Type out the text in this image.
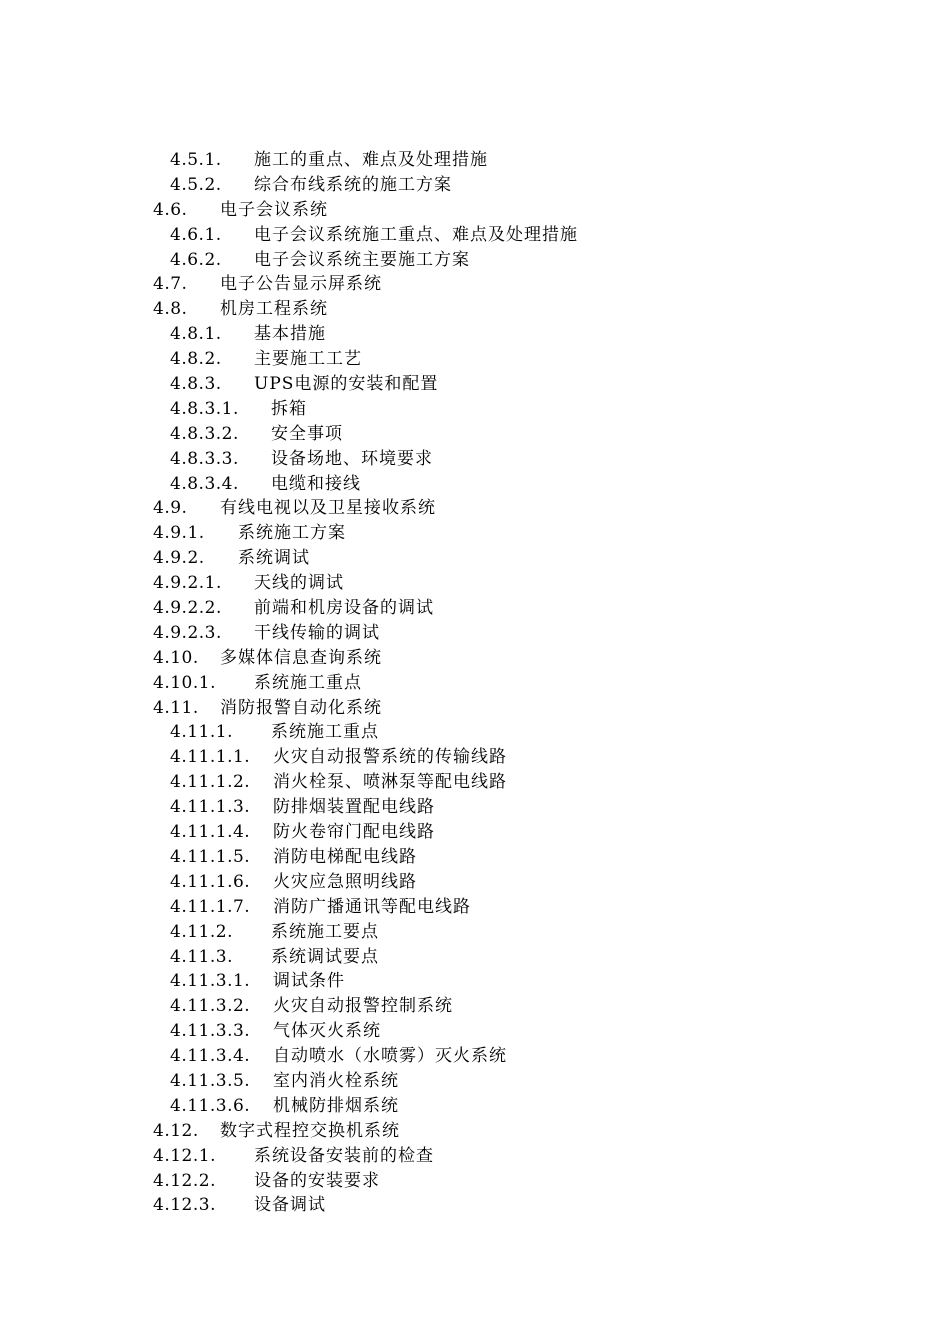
4.5.1. 施工的重点、难点及处理措施
4.5.2. 综合布线系统的施工方案
4.6. 电子会议系统
4.6.1. 电子会议系统施工重点、难点及处理措施
4.6.2. 电子会议系统主要施工方案
4.7. 电子公告显示屏系统
4.8. 机房工程系统
4.8.1. 基本措施
4.8.2. 主要施工工艺
4.8.3. UPS电源的安装和配置
4.8.3.1. 拆箱
4.8.3.2. 安全事项
4.8.3.3. 设备场地、环境要求
4.8.3.4. 电缆和接线
4.9. 有线电视以及卫星接收系统
4.9.1. 系统施工方案
4.9.2. 系统调试
4.9.2.1. 天线的调试
4.9.2.2. 前端和机房设备的调试
4.9.2.3. 干线传输的调试
4.10. 多媒体信息查询系统
4.10.1. 系统施工重点
4.11. 消防报警自动化系统
4.11.1. 系统施工重点
4.11.1.1. 火灾自动报警系统的传输线路
4.11.1.2. 消火栓泵、喷淋泵等配电线路
4.11.1.3. 防排烟装置配电线路
4.11.1.4. 防火卷帘门配电线路
4.11.1.5. 消防电梯配电线路
4.11.1.6. 火灾应急照明线路
4.11.1.7. 消防广播通讯等配电线路
4.11.2. 系统施工要点
4.11.3. 系统调试要点
4.11.3.1. 调试条件
4.11.3.2. 火灾自动报警控制系统
4.11.3.3. 气体灭火系统
4.11.3.4. 自动喷水（水喷雾）灭火系统
4.11.3.5. 室内消火栓系统
4.11.3.6. 机械防排烟系统
4.12. 数字式程控交换机系统
4.12.1. 系统设备安装前的检查
4.12.2. 设备的安装要求
4.12.3. 设备调试
